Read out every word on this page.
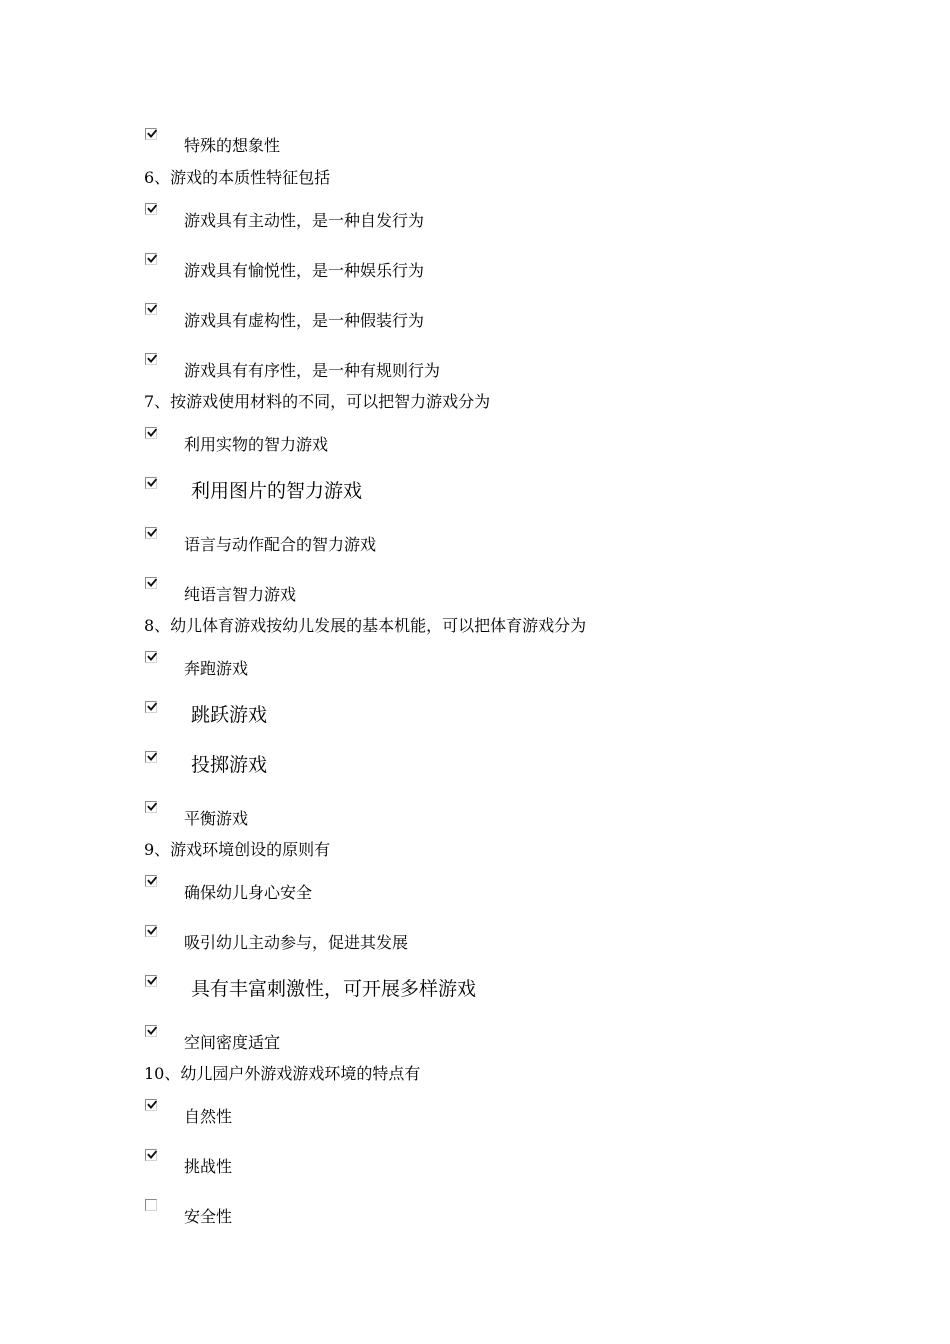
特殊的想象性
6、游戏的本质性特征包括
游戏具有主动性，是一种自发行为
游戏具有愉悦性，是一种娱乐行为
游戏具有虚构性，是一种假装行为
游戏具有有序性，是一种有规则行为
7、按游戏使用材料的不同，可以把智力游戏分为
利用实物的智力游戏
利用图片的智力游戏
语言与动作配合的智力游戏
纯语言智力游戏
8、幼儿体育游戏按幼儿发展的基本机能，可以把体育游戏分为
奔跑游戏
跳跃游戏
投掷游戏
平衡游戏
9、游戏环境创设的原则有
确保幼儿身心安全
吸引幼儿主动参与，促进其发展
具有丰富刺激性，可开展多样游戏
空间密度适宜
10、幼儿园户外游戏游戏环境的特点有
自然性
挑战性
安全性
